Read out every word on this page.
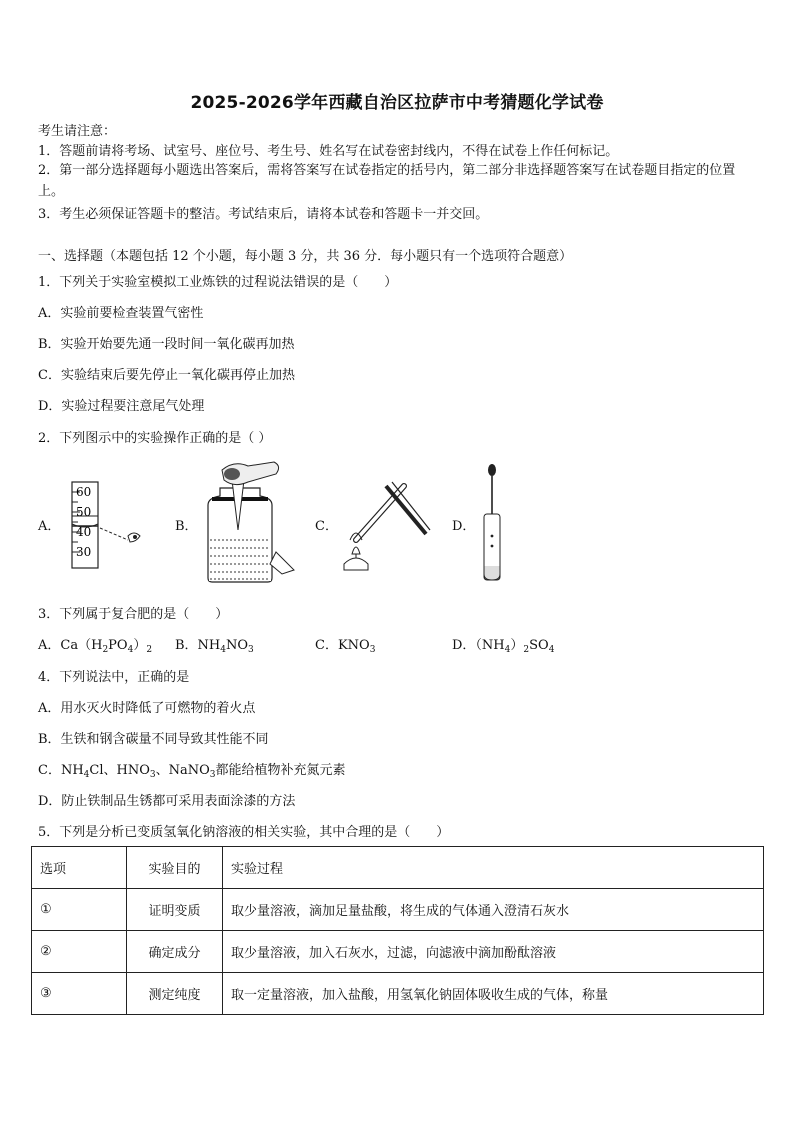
2025-2026学年西藏自治区拉萨市中考猜题化学试卷
考生请注意：
1．答题前请将考场、试室号、座位号、考生号、姓名写在试卷密封线内，不得在试卷上作任何标记。
2．第一部分选择题每小题选出答案后，需将答案写在试卷指定的括号内，第二部分非选择题答案写在试卷题目指定的位置上。
3．考生必须保证答题卡的整洁。考试结束后，请将本试卷和答题卡一并交回。
一、选择题（本题包括 12 个小题，每小题 3 分，共 36 分．每小题只有一个选项符合题意）
1．下列关于实验室模拟工业炼铁的过程说法错误的是（　　）
A．实验前要检查装置气密性
B．实验开始要先通一段时间一氧化碳再加热
C．实验结束后要先停止一氧化碳再停止加热
D．实验过程要注意尾气处理
2．下列图示中的实验操作正确的是（ ）
A．	B．	C．	D．
60
50
40
30
3．下列属于复合肥的是（　　）
A．$Ca(H_2PO_4)_2$ B．$NH_4NO_3$	C．$KNO_3$	D．$(NH_4)_2SO_4$
4．下列说法中，正确的是
A．用水灭火时降低了可燃物的着火点
B．生铁和钢含碳量不同导致其性能不同
C．$NH_4Cl$、$HNO_3$、NaNO$_3$都能给植物补充氮元素
D．防止铁制品生锈都可采用表面涂漆的方法
5．下列是分析已变质氢氧化钠溶液的相关实验，其中合理的是（　　）
选项	实验目的	实验过程
①	证明变质	取少量溶液，滴加足量盐酸，将生成的气体通入澄清石灰水
②	确定成分	取少量溶液，加入石灰水，过滤，向滤液中滴加酚酞溶液
③	测定纯度	取一定量溶液，加入盐酸，用氢氧化钠固体吸收生成的气体，称量
